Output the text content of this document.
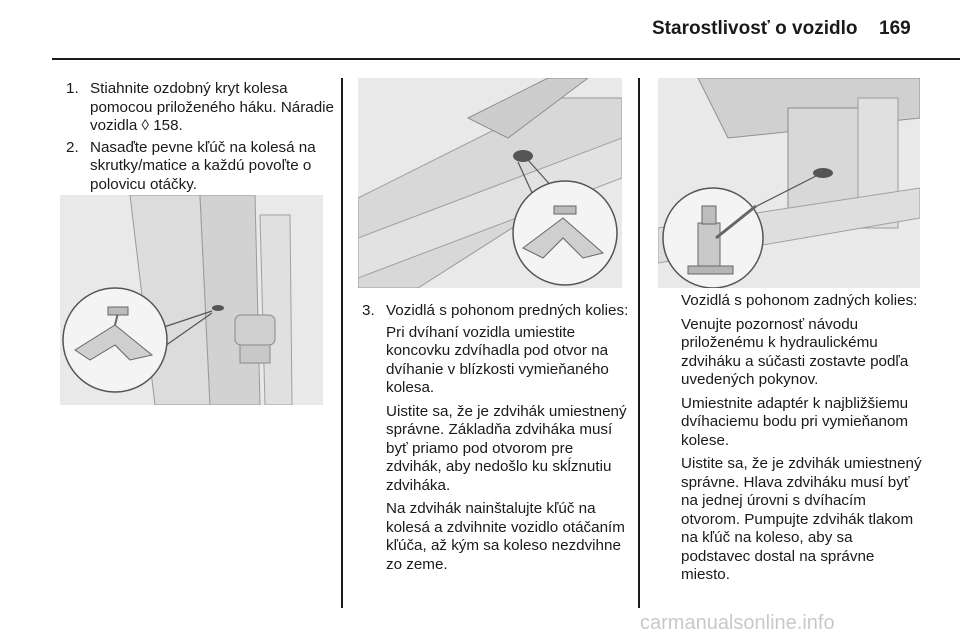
Starostlivosť o vozidlo 169
1. Stiahnite ozdobný kryt kolesa pomocou priloženého háku. Náradie vozidla ◊ 158.
2. Nasaďte pevne kľúč na kolesá na skrutky/matice a každú povoľte o polovicu otáčky.
3. Vozidlá s pohonom predných kolies:

Pri dvíhaní vozidla umiestite koncovku zdvíhadla pod otvor na dvíhanie v blízkosti vymieňaného kolesa.

Uistite sa, že je zdvihák umiestnený správne. Základňa zdviháka musí byť priamo pod otvorom pre zdvihák, aby nedošlo ku skĺznutiu zdviháka.

Na zdvihák nainštalujte kľúč na kolesá a zdvihnite vozidlo otáčaním kľúča, až kým sa koleso nezdvihne zo zeme.

Vozidlá s pohonom zadných kolies:

Venujte pozornosť návodu priloženému k hydraulickému zdviháku a súčasti zostavte podľa uvedených pokynov.

Umiestnite adaptér k najbližšiemu dvíhaciemu bodu pri vymieňanom kolese.

Uistite sa, že je zdvihák umiestnený správne. Hlava zdviháku musí byť na jednej úrovni s dvíhacím otvorom. Pumpujte zdvihák tlakom na kľúč na koleso, aby sa podstavec dostal na správne miesto.

carmanualsonline.info
